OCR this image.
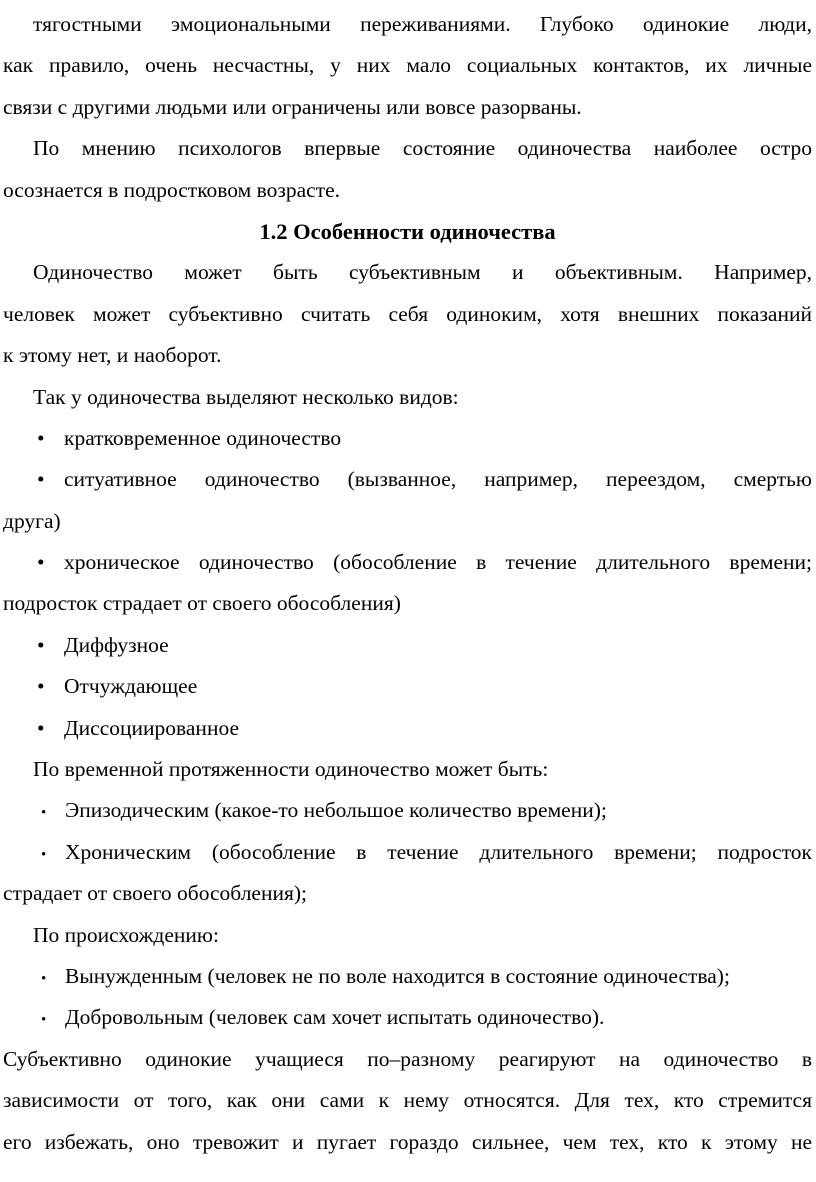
тягостными эмоциональными переживаниями. Глубоко одинокие люди,
как правило, очень несчастны, у них мало социальных контактов, их личные
связи с другими людьми или ограничены или вовсе разорваны.
По мнению психологов впервые состояние одиночества наиболее остро
осознается в подростковом возрасте.
1.2 Особенности одиночества
Одиночество может быть субъективным и объективным. Например,
человек может субъективно считать себя одиноким, хотя внешних показаний
к этому нет, и наоборот.
Так у одиночества выделяют несколько видов:
• кратковременное одиночество
• ситуативное одиночество (вызванное, например, переездом, смертью
друга)
• хроническое одиночество (обособление в течение длительного времени;
подросток страдает от своего обособления)
• Диффузное
• Отчуждающее
• Диссоциированное
По временной протяженности одиночество может быть:
• Эпизодическим (какое-то небольшое количество времени);
• Хроническим (обособление в течение длительного времени; подросток
страдает от своего обособления);
По происхождению:
• Вынужденным (человек не по воле находится в состояние одиночества);
• Добровольным (человек сам хочет испытать одиночество).
Субъективно одинокие учащиеся по–разному реагируют на одиночество в
зависимости от того, как они сами к нему относятся. Для тех, кто стремится
его избежать, оно тревожит и пугает гораздо сильнее, чем тех, кто к этому не
